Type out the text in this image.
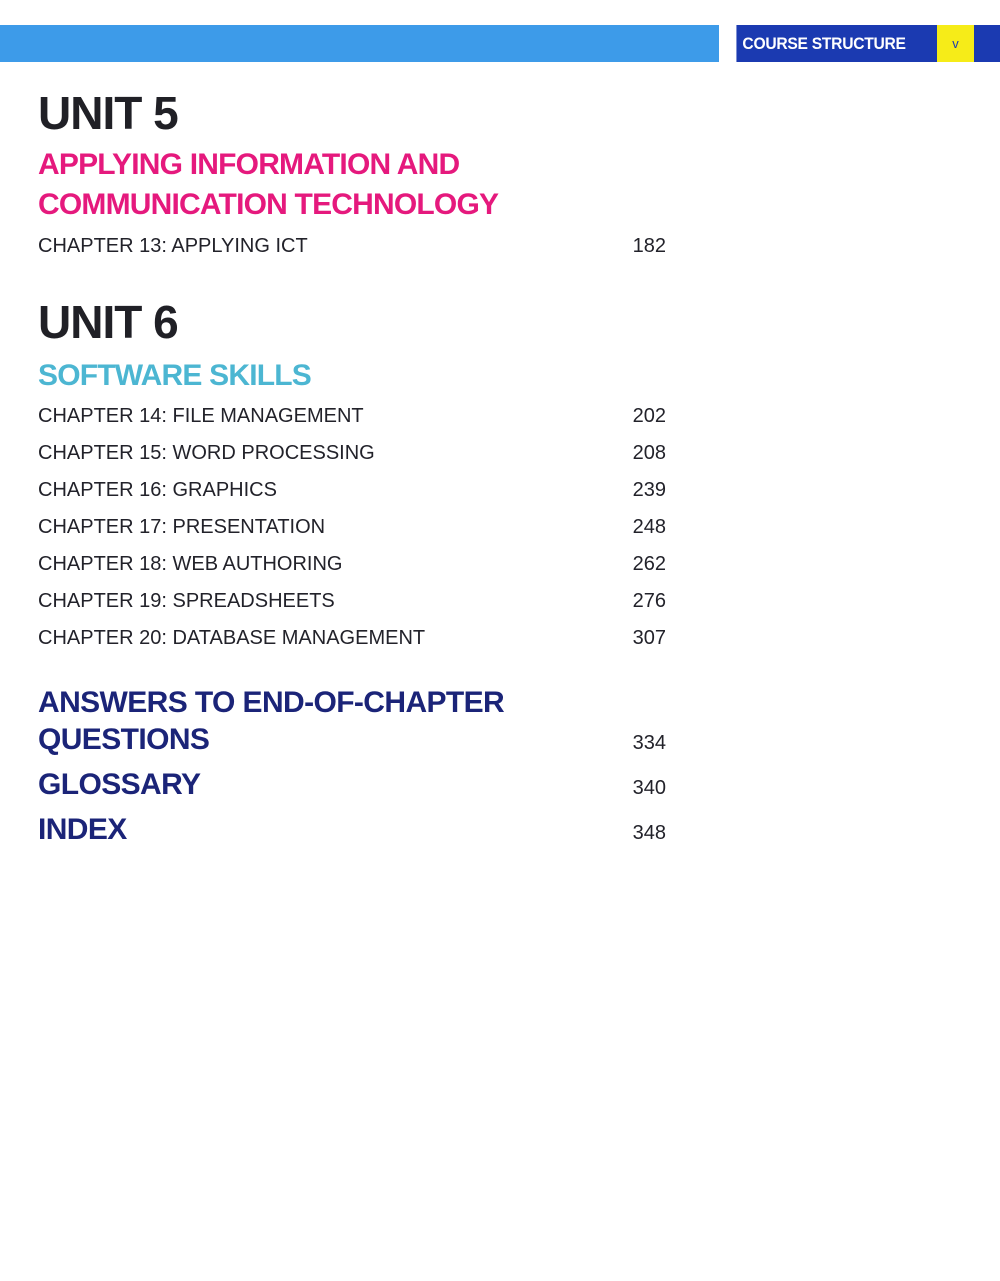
COURSE STRUCTURE	v
UNIT 5
APPLYING INFORMATION AND
COMMUNICATION TECHNOLOGY
CHAPTER 13: APPLYING ICT	182
UNIT 6
SOFTWARE SKILLS
CHAPTER 14: FILE MANAGEMENT	202
CHAPTER 15: WORD PROCESSING	208
CHAPTER 16: GRAPHICS	239
CHAPTER 17: PRESENTATION	248
CHAPTER 18: WEB AUTHORING	262
CHAPTER 19: SPREADSHEETS	276
CHAPTER 20: DATABASE MANAGEMENT	307
ANSWERS TO END-OF-CHAPTER
QUESTIONS	334
GLOSSARY	340
INDEX	348
